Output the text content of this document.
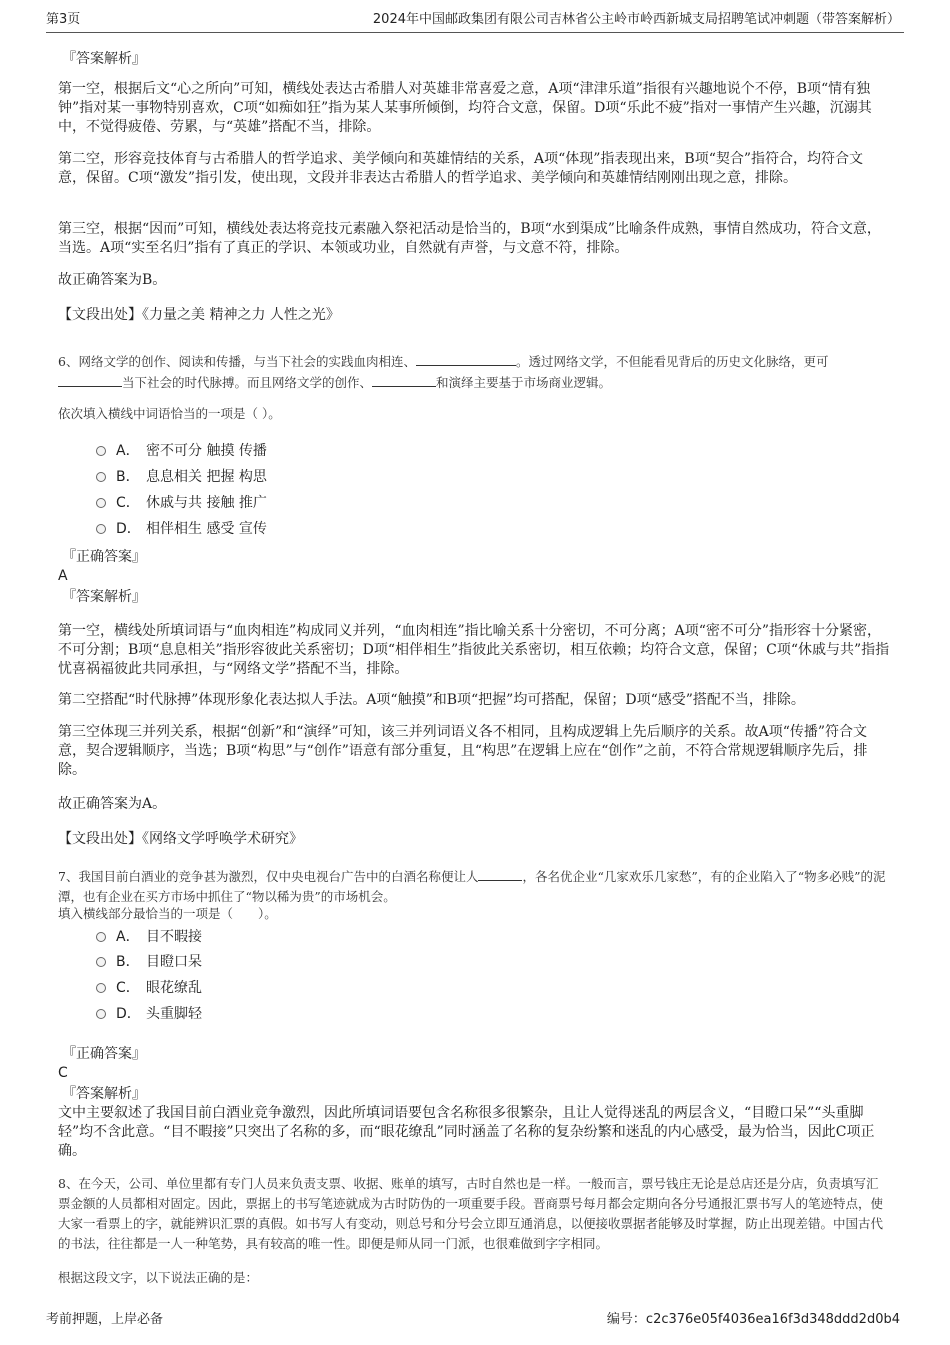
第3页	2024年中国邮政集团有限公司吉林省公主岭市岭西新城支局招聘笔试冲刺题（带答案解析）

『答案解析』

第一空，根据后文“心之所向”可知，横线处表达古希腊人对英雄非常喜爱之意，A项“津津乐道”指很有兴趣地说个不停，B项“情有独钟”指对某一事物特别喜欢，C项“如痴如狂”指为某人某事所倾倒，均符合文意，保留。D项“乐此不疲”指对一事情产生兴趣，沉溺其中，不觉得疲倦、劳累，与“英雄”搭配不当，排除。

第二空，形容竞技体育与古希腊人的哲学追求、美学倾向和英雄情结的关系，A项“体现”指表现出来，B项“契合”指符合，均符合文意，保留。C项“激发”指引发，使出现，文段并非表达古希腊人的哲学追求、美学倾向和英雄情结刚刚出现之意，排除。

第三空，根据“因而”可知，横线处表达将竞技元素融入祭祀活动是恰当的，B项“水到渠成”比喻条件成熟，事情自然成功，符合文意，当选。A项“实至名归”指有了真正的学识、本领或功业，自然就有声誉，与文意不符，排除。

故正确答案为B。

【文段出处】《力量之美 精神之力 人性之光》

6、网络文学的创作、阅读和传播，与当下社会的实践血肉相连、	。透过网络文学，不但能看见背后的历史文化脉络，更可
当下社会的时代脉搏。而且网络文学的创作、	和演绎主要基于市场商业逻辑。

依次填入横线中词语恰当的一项是（ ）。

A． 密不可分 触摸 传播
B． 息息相关 把握 构思
C． 休戚与共 接触 推广
D． 相伴相生 感受 宣传

『正确答案』

A

『答案解析』

第一空，横线处所填词语与“血肉相连”构成同义并列，“血肉相连”指比喻关系十分密切，不可分离；A项“密不可分”指形容十分紧密，不可分割；B项“息息相关”指形容彼此关系密切；D项“相伴相生”指彼此关系密切，相互依赖；均符合文意，保留；C项“休戚与共”指指忧喜祸福彼此共同承担，与“网络文学”搭配不当，排除。

第二空搭配“时代脉搏”体现形象化表达拟人手法。A项“触摸”和B项“把握”均可搭配，保留；D项“感受”搭配不当，排除。

第三空体现三并列关系，根据“创新”和“演绎”可知，该三并列词语义各不相同，且构成逻辑上先后顺序的关系。故A项“传播”符合文意，契合逻辑顺序，当选；B项“构思”与“创作”语意有部分重复，且“构思”在逻辑上应在“创作”之前，不符合常规逻辑顺序先后，排除。

故正确答案为A。

【文段出处】《网络文学呼唤学术研究》

7、我国目前白酒业的竞争甚为激烈，仅中央电视台广告中的白酒名称便让人	，各名优企业“几家欢乐几家愁”，有的企业陷入了“物多必贱”的泥潭，也有企业在买方市场中抓住了“物以稀为贵”的市场机会。

填入横线部分最恰当的一项是（　　）。

A． 目不暇接
B． 目瞪口呆
C． 眼花缭乱
D． 头重脚轻

『正确答案』

C

『答案解析』

文中主要叙述了我国目前白酒业竞争激烈，因此所填词语要包含名称很多很繁杂，且让人觉得迷乱的两层含义，“目瞪口呆”“头重脚轻”均不含此意。“目不暇接”只突出了名称的多，而“眼花缭乱”同时涵盖了名称的复杂纷繁和迷乱的内心感受，最为恰当，因此C项正确。

8、在今天，公司、单位里都有专门人员来负责支票、收据、账单的填写，古时自然也是一样。一般而言，票号钱庄无论是总店还是分店，负责填写汇票金额的人员都相对固定。因此，票据上的书写笔迹就成为古时防伪的一项重要手段。晋商票号每月都会定期向各分号通报汇票书写人的笔迹特点，使大家一看票上的字，就能辨识汇票的真假。如书写人有变动，则总号和分号会立即互通消息，以便接收票据者能够及时掌握，防止出现差错。中国古代的书法，往往都是一人一种笔势，具有较高的唯一性。即便是师从同一门派，也很难做到字字相同。

根据这段文字，以下说法正确的是：

考前押题，上岸必备	编号：c2c376e05f4036ea16f3d348ddd2d0b4
